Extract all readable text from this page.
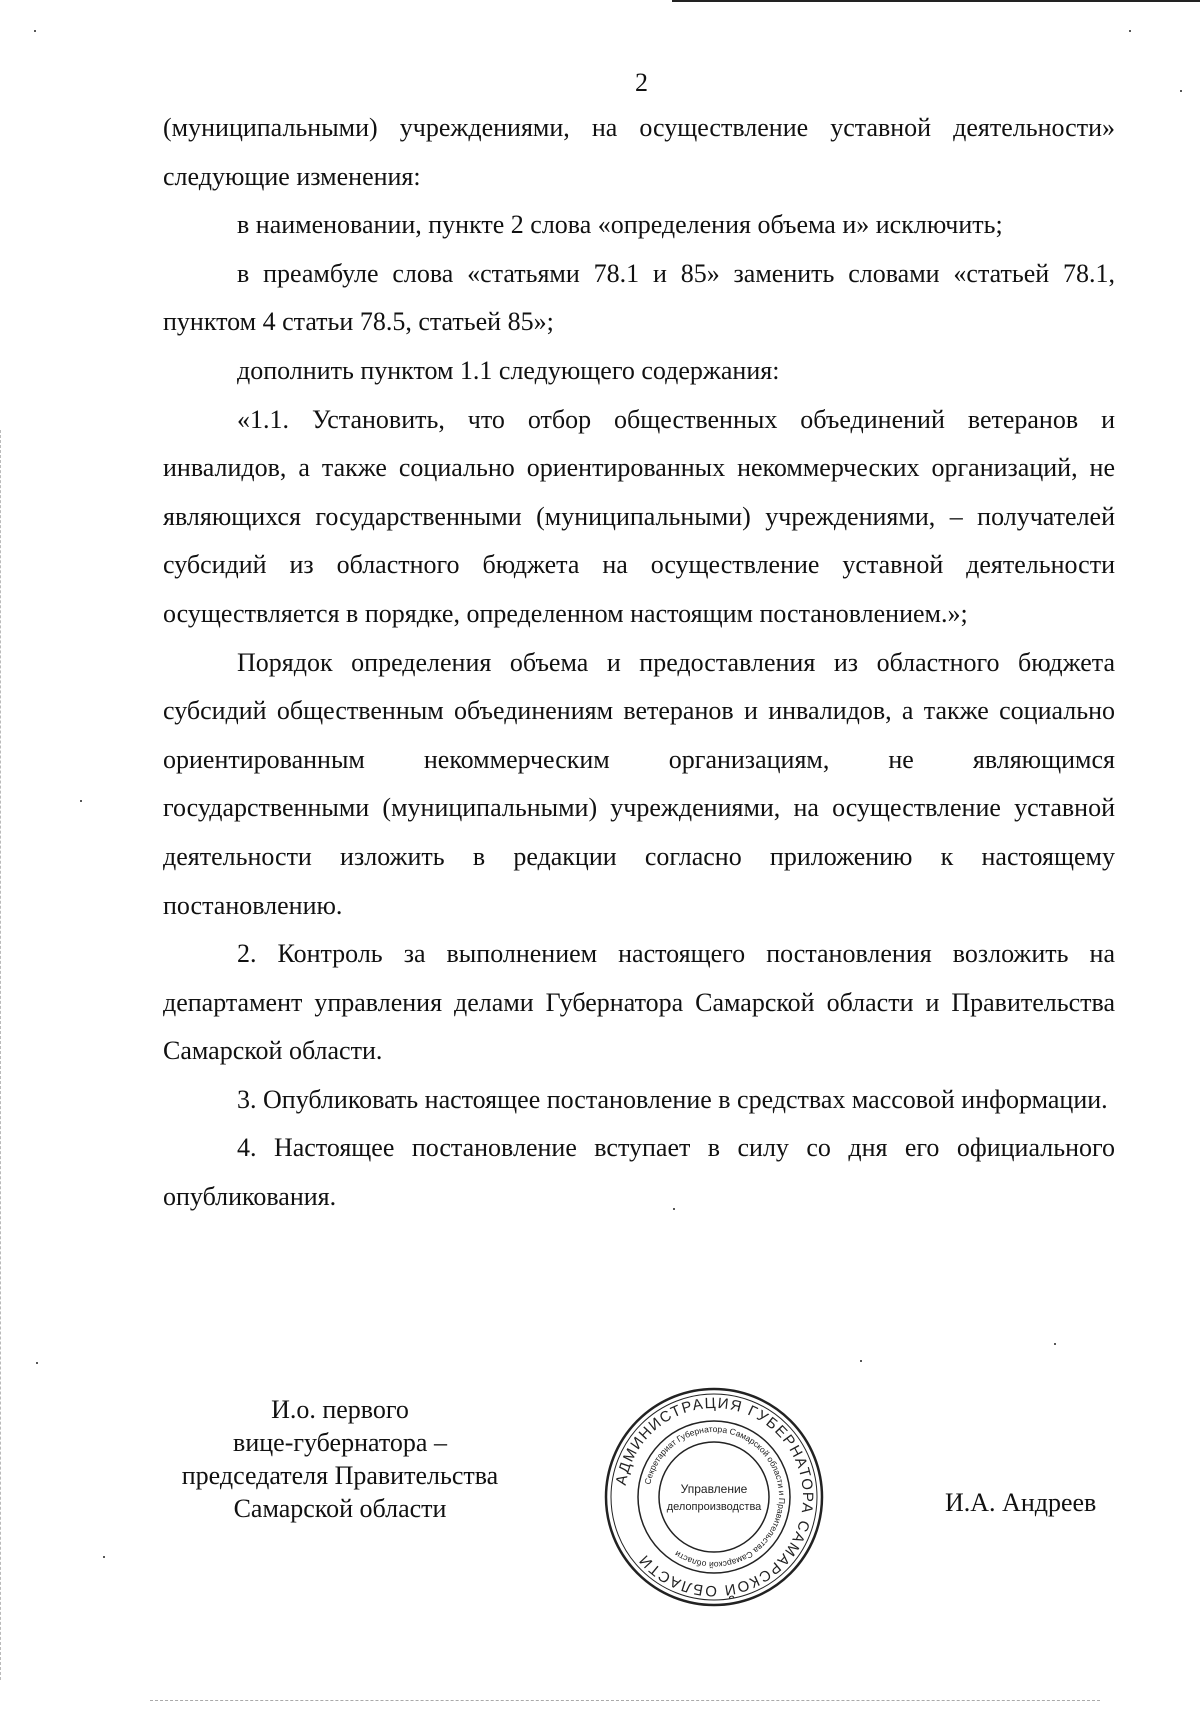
2

(муниципальными) учреждениями, на осуществление уставной деятельности» следующие изменения:

в наименовании, пункте 2 слова «определения объема и» исключить;

в преамбуле слова «статьями 78.1 и 85» заменить словами «статьей 78.1, пунктом 4 статьи 78.5, статьей 85»;

дополнить пунктом 1.1 следующего содержания:

«1.1. Установить, что отбор общественных объединений ветеранов и инвалидов, а также социально ориентированных некоммерческих организаций, не являющихся государственными (муниципальными) учреждениями, – получателей субсидий из областного бюджета на осуществление уставной деятельности осуществляется в порядке, определенном настоящим постановлением.»;

Порядок определения объема и предоставления из областного бюджета субсидий общественным объединениям ветеранов и инвалидов, а также социально ориентированным некоммерческим организациям, не являющимся государственными (муниципальными) учреждениями, на осуществление уставной деятельности изложить в редакции согласно приложению к настоящему постановлению.

2. Контроль за выполнением настоящего постановления возложить на департамент управления делами Губернатора Самарской области и Правительства Самарской области.

3. Опубликовать настоящее постановление в средствах массовой информации.

4. Настоящее постановление вступает в силу со дня его официального опубликования.

И.о. первого
вице-губернатора –
председателя Правительства
Самарской области
АДМИНИСТРАЦИЯ ГУБЕРНАТОРА САМАРСКОЙ ОБЛАСТИ
Секретариат Губернатора Самарской области и Правительства Самарской области
Управление
делопроизводства	И.А. Андреев
